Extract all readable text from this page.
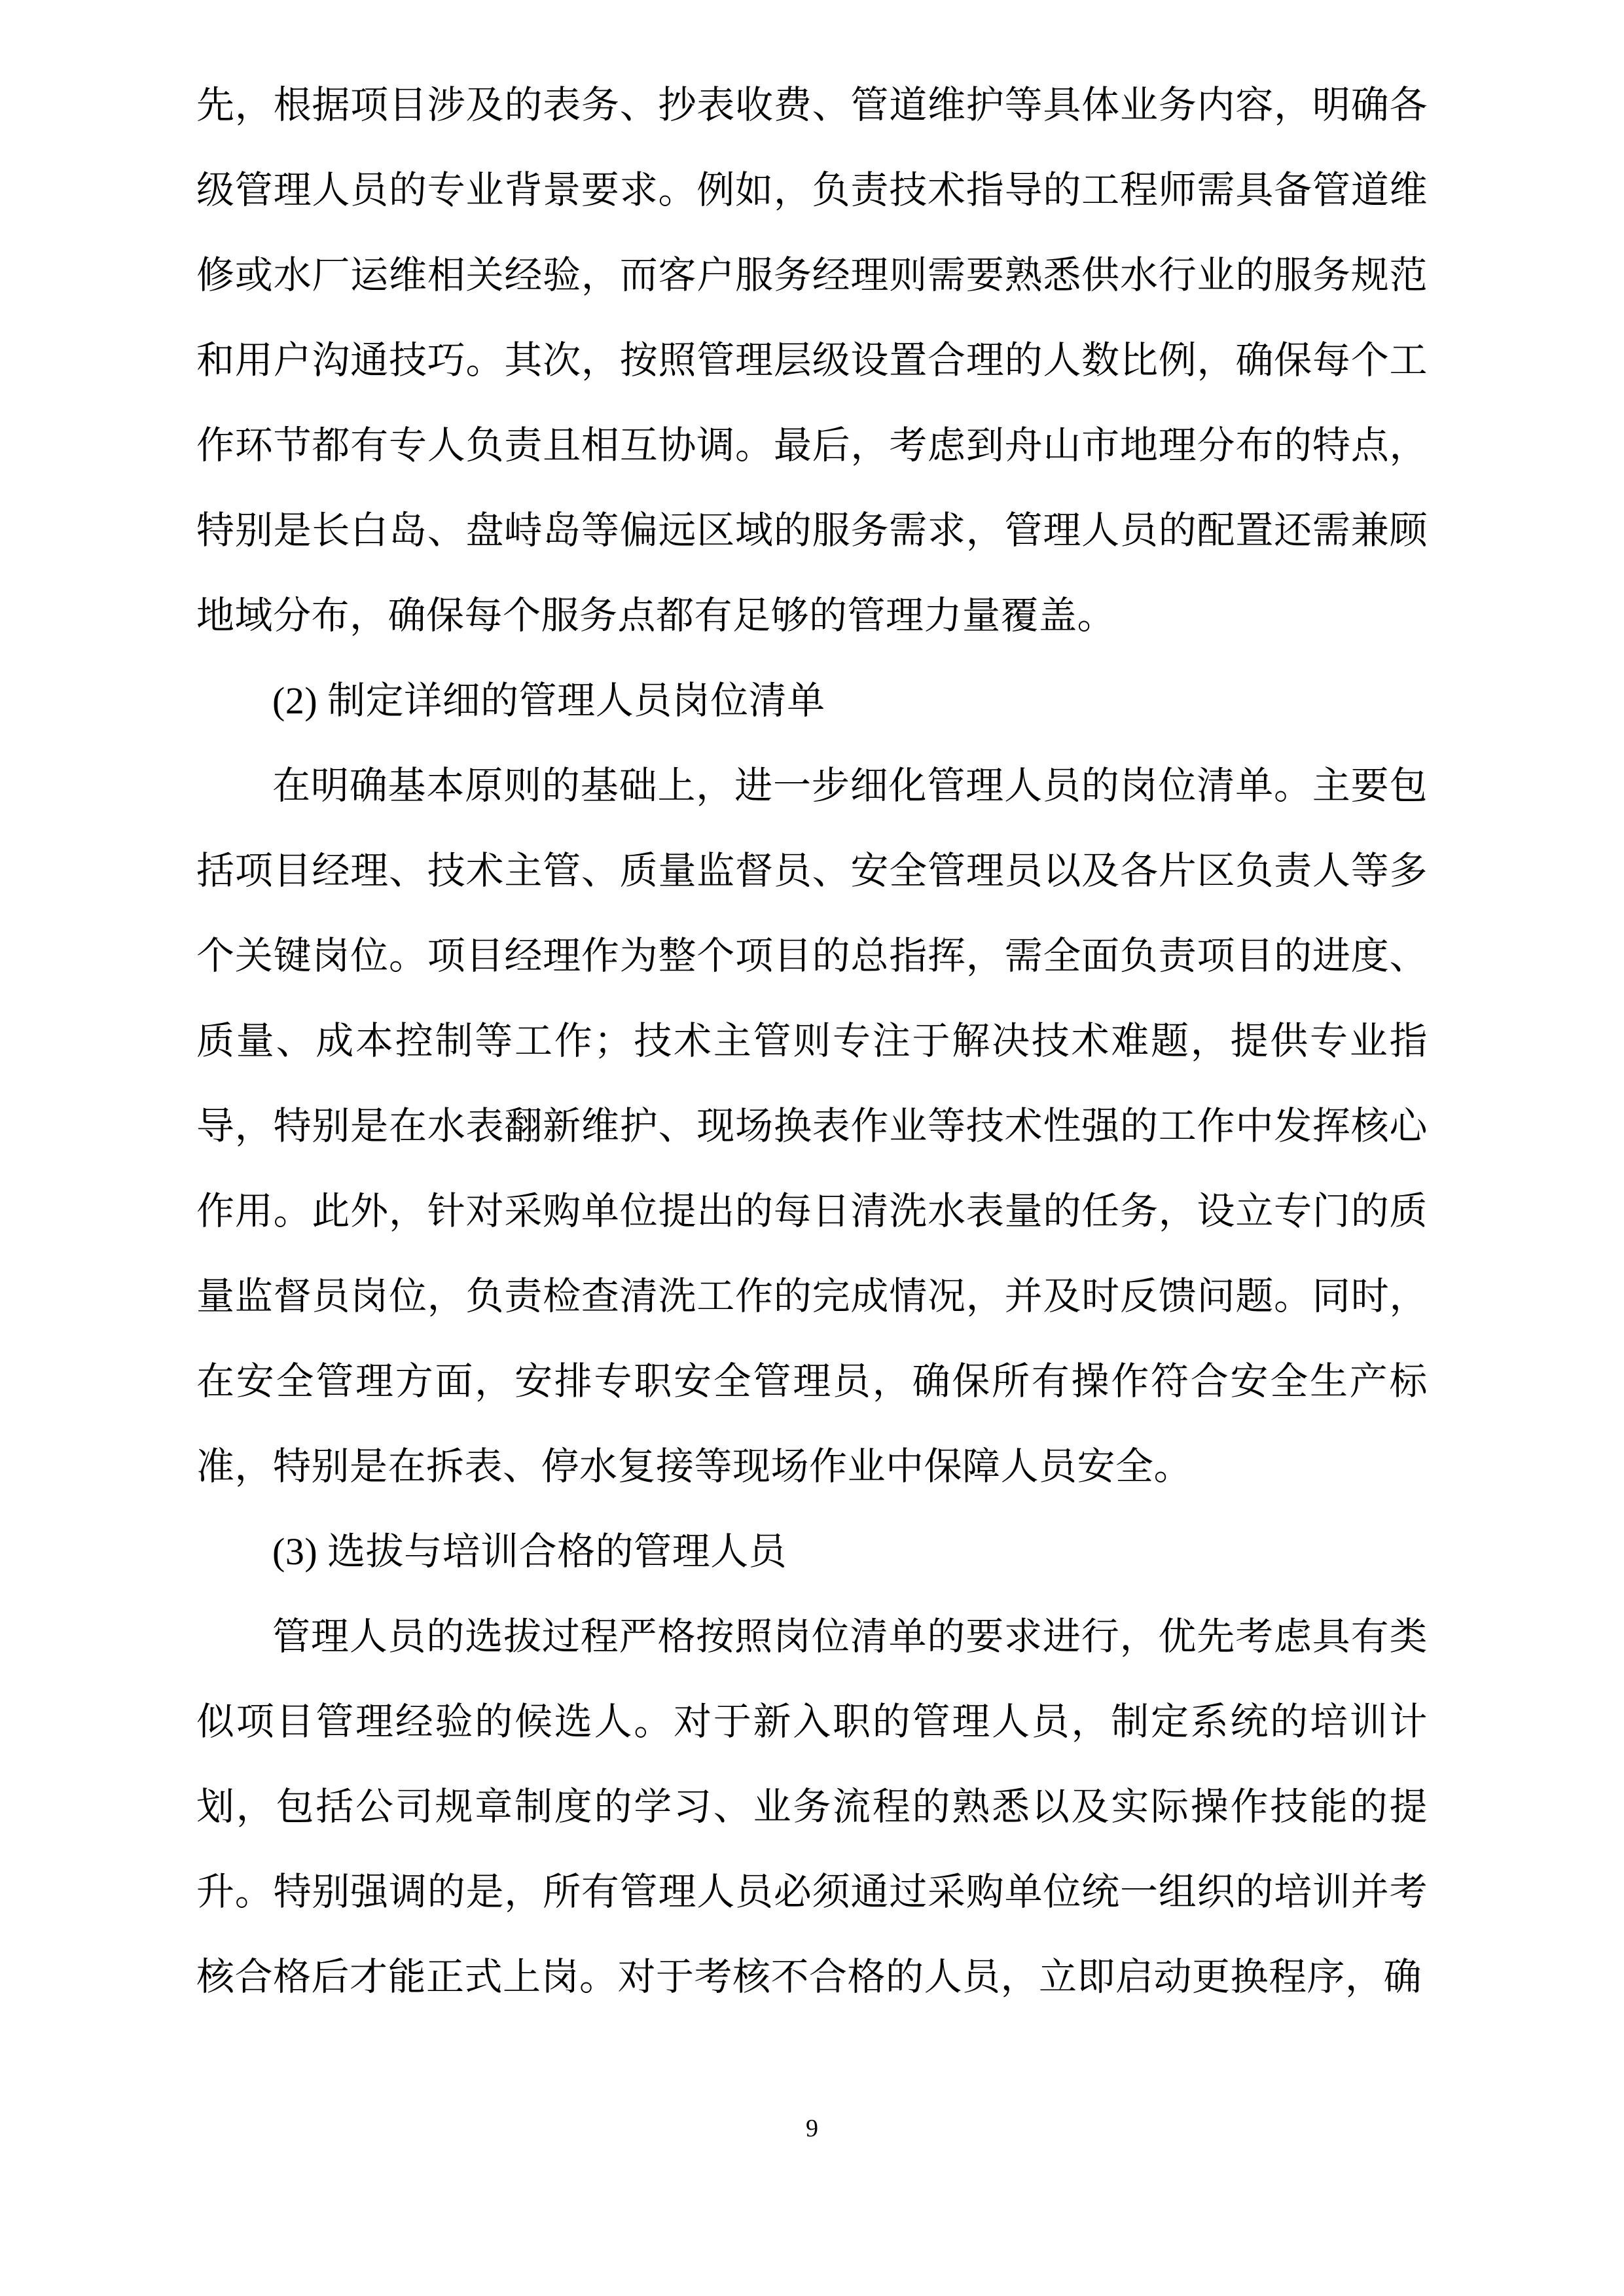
先，根据项目涉及的表务、抄表收费、管道维护等具体业务内容，明确各级管理人员的专业背景要求。例如，负责技术指导的工程师需具备管道维修或水厂运维相关经验，而客户服务经理则需要熟悉供水行业的服务规范和用户沟通技巧。其次，按照管理层级设置合理的人数比例，确保每个工作环节都有专人负责且相互协调。最后，考虑到舟山市地理分布的特点，特别是长白岛、盘峙岛等偏远区域的服务需求，管理人员的配置还需兼顾地域分布，确保每个服务点都有足够的管理力量覆盖。

(2) 制定详细的管理人员岗位清单

在明确基本原则的基础上，进一步细化管理人员的岗位清单。主要包括项目经理、技术主管、质量监督员、安全管理员以及各片区负责人等多个关键岗位。项目经理作为整个项目的总指挥，需全面负责项目的进度、质量、成本控制等工作；技术主管则专注于解决技术难题，提供专业指导，特别是在水表翻新维护、现场换表作业等技术性强的工作中发挥核心作用。此外，针对采购单位提出的每日清洗水表量的任务，设立专门的质量监督员岗位，负责检查清洗工作的完成情况，并及时反馈问题。同时，在安全管理方面，安排专职安全管理员，确保所有操作符合安全生产标准，特别是在拆表、停水复接等现场作业中保障人员安全。

(3) 选拔与培训合格的管理人员

管理人员的选拔过程严格按照岗位清单的要求进行，优先考虑具有类似项目管理经验的候选人。对于新入职的管理人员，制定系统的培训计划，包括公司规章制度的学习、业务流程的熟悉以及实际操作技能的提升。特别强调的是，所有管理人员必须通过采购单位统一组织的培训并考核合格后才能正式上岗。对于考核不合格的人员，立即启动更换程序，确

9
